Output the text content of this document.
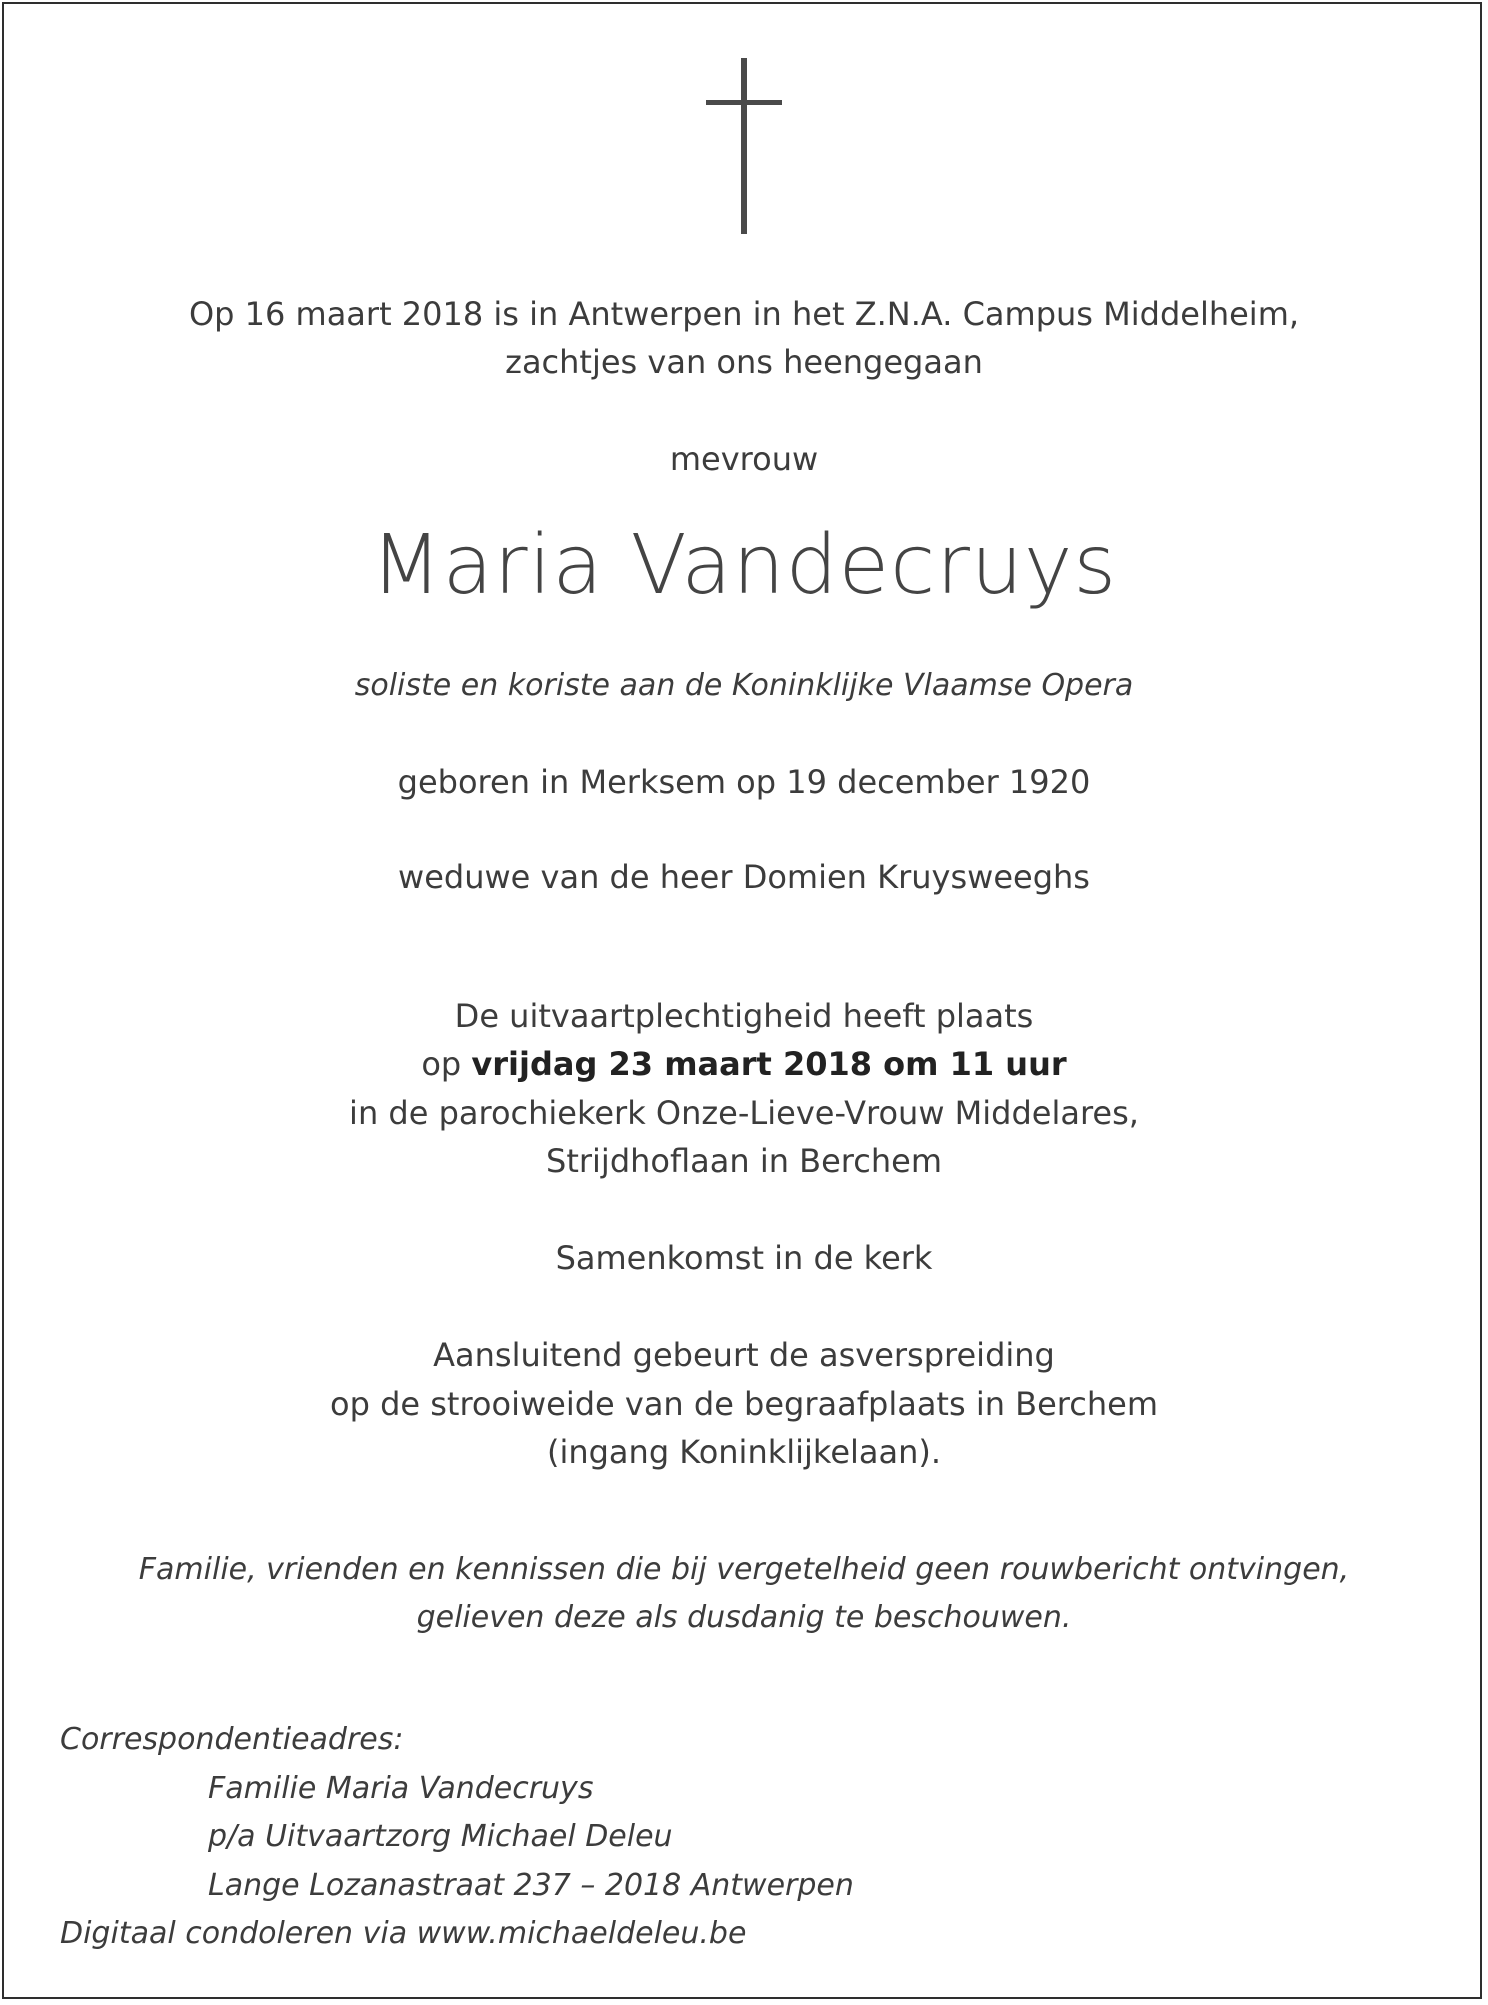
Op 16 maart 2018 is in Antwerpen in het Z.N.A. Campus Middelheim,
zachtjes van ons heengegaan
mevrouw
Maria Vandecruys
soliste en koriste aan de Koninklijke Vlaamse Opera
geboren in Merksem op 19 december 1920
weduwe van de heer Domien Kruysweeghs
De uitvaartplechtigheid heeft plaats
op vrijdag 23 maart 2018 om 11 uur
in de parochiekerk Onze-Lieve-Vrouw Middelares,
Strijdhoflaan in Berchem
Samenkomst in de kerk
Aansluitend gebeurt de asverspreiding
op de strooiweide van de begraafplaats in Berchem
(ingang Koninklijkelaan).
Familie, vrienden en kennissen die bij vergetelheid geen rouwbericht ontvingen,
gelieven deze als dusdanig te beschouwen.
Correspondentieadres:
Familie Maria Vandecruys
p/a Uitvaartzorg Michael Deleu
Lange Lozanastraat 237 – 2018 Antwerpen
Digitaal condoleren via www.michaeldeleu.be
